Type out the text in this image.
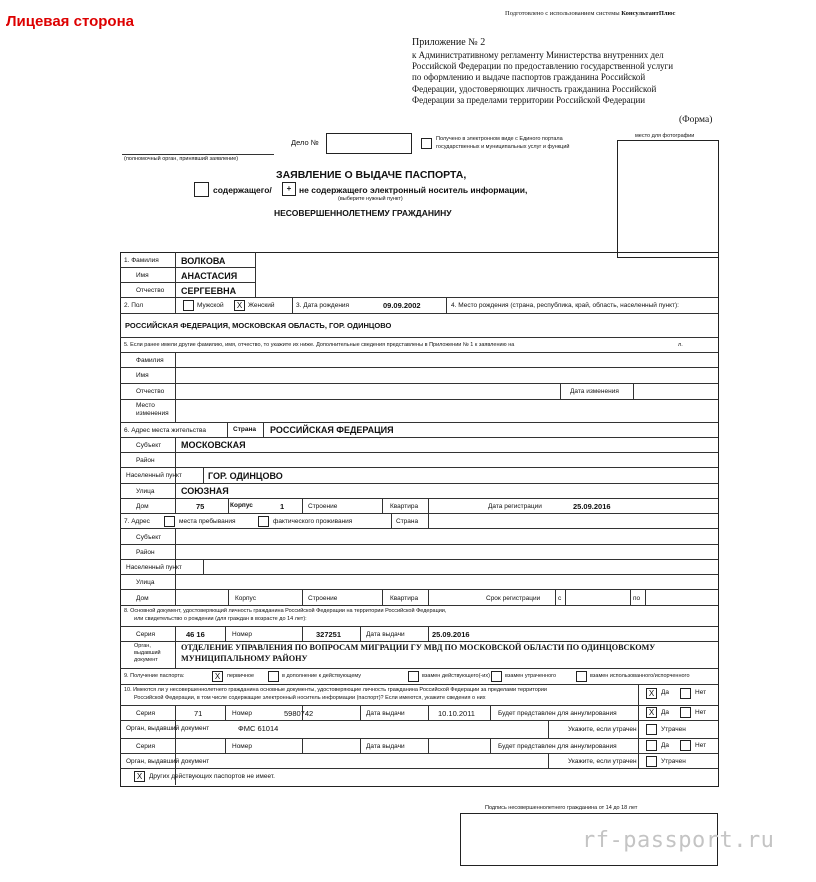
Лицевая сторона	Подготовлено с использованием системы КонсультантПлюс
Приложение № 2
к Административному регламенту Министерства внутренних дел
Российской Федерации по предоставлению государственной услуги
по оформлению и выдаче паспортов гражданина Российской
Федерации, удостоверяющих личность гражданина Российской
Федерации за пределами территории Российской Федерации
(Форма)
(полномочный орган, принявший заявление)
Дело №	Получено в электронном виде с Единого портала
государственных и муниципальных услуг и функций
место для фотографии
ЗАЯВЛЕНИЕ О ВЫДАЧЕ ПАСПОРТА,
содержащего/	+ не содержащего электронный носитель информации,
(выберите нужный пункт)
НЕСОВЕРШЕННОЛЕТНЕМУ ГРАЖДАНИНУ
1. Фамилия ВОЛКОВА
Имя	АНАСТАСИЯ
Отчество СЕРГЕЕВНА
2. Пол	Мужской	X Женский	3. Дата рождения	09.09.2002	4. Место рождения (страна, республика, край, область, населенный пункт):
РОССИЙСКАЯ ФЕДЕРАЦИЯ, МОСКОВСКАЯ ОБЛАСТЬ, ГОР. ОДИНЦОВО
5. Если ранее имели другие фамилию, имя, отчество, то укажите их ниже. Дополнительные сведения представлены в Приложении № 1 к заявлению на	л.
Фамилия
Имя
Отчество	Дата изменения
Место
изменения
6. Адрес места жительства	Страна РОССИЙСКАЯ ФЕДЕРАЦИЯ
Субъект МОСКОВСКАЯ
Район
Населенный пункт	ГОР. ОДИНЦОВО
Улица	СОЮЗНАЯ
Дом	75	Корпус	1	Строение	Квартира	Дата регистрации	25.09.2016
7. Адрес	места пребывания	фактического проживания	Страна
Субъект
Район
Населенный пункт
Улица
Дом	Корпус	Строение	Квартира	Срок регистрации	с	по
8. Основной документ, удостоверяющий личность гражданина Российской Федерации на территории Российской Федерации,
или свидетельство о рождении (для граждан в возрасте до 14 лет):
Серия	46 16	Номер	327251	Дата выдачи	25.09.2016
Орган,
выдавший
документ
ОТДЕЛЕНИЕ УПРАВЛЕНИЯ ПО ВОПРОСАМ МИГРАЦИИ ГУ МВД ПО МОСКОВСКОЙ ОБЛАСТИ ПО ОДИНЦОВСКОМУ
МУНИЦИПАЛЬНОМУ РАЙОНУ
9. Получение паспорта:	X	первичное	в дополнение к действующему	взамен действующего(-их)	взамен утраченного	взамен использованного/испорченного
10. Имеются ли у несовершеннолетнего гражданина основные документы, удостоверяющие личность гражданина Российской Федерации за пределами территории
Российской Федерации, в том числе содержащие электронный носитель информации (паспорт)? Если имеются, укажите сведения о них	X	Да	Нет
Серия	71	Номер	5980742	Дата выдачи	10.10.2011	Будет представлен для аннулирования	X	Да	Нет
Орган, выдавший документ	ФМС 61014	Укажите, если утрачен	Утрачен
Серия	Номер	Дата выдачи	Будет представлен для аннулирования	Да	Нет
Орган, выдавший документ	Укажите, если утрачен	Утрачен
X	Других действующих паспортов не имеет.
Подпись несовершеннолетнего гражданина от 14 до 18 лет
rf-passport.ru
